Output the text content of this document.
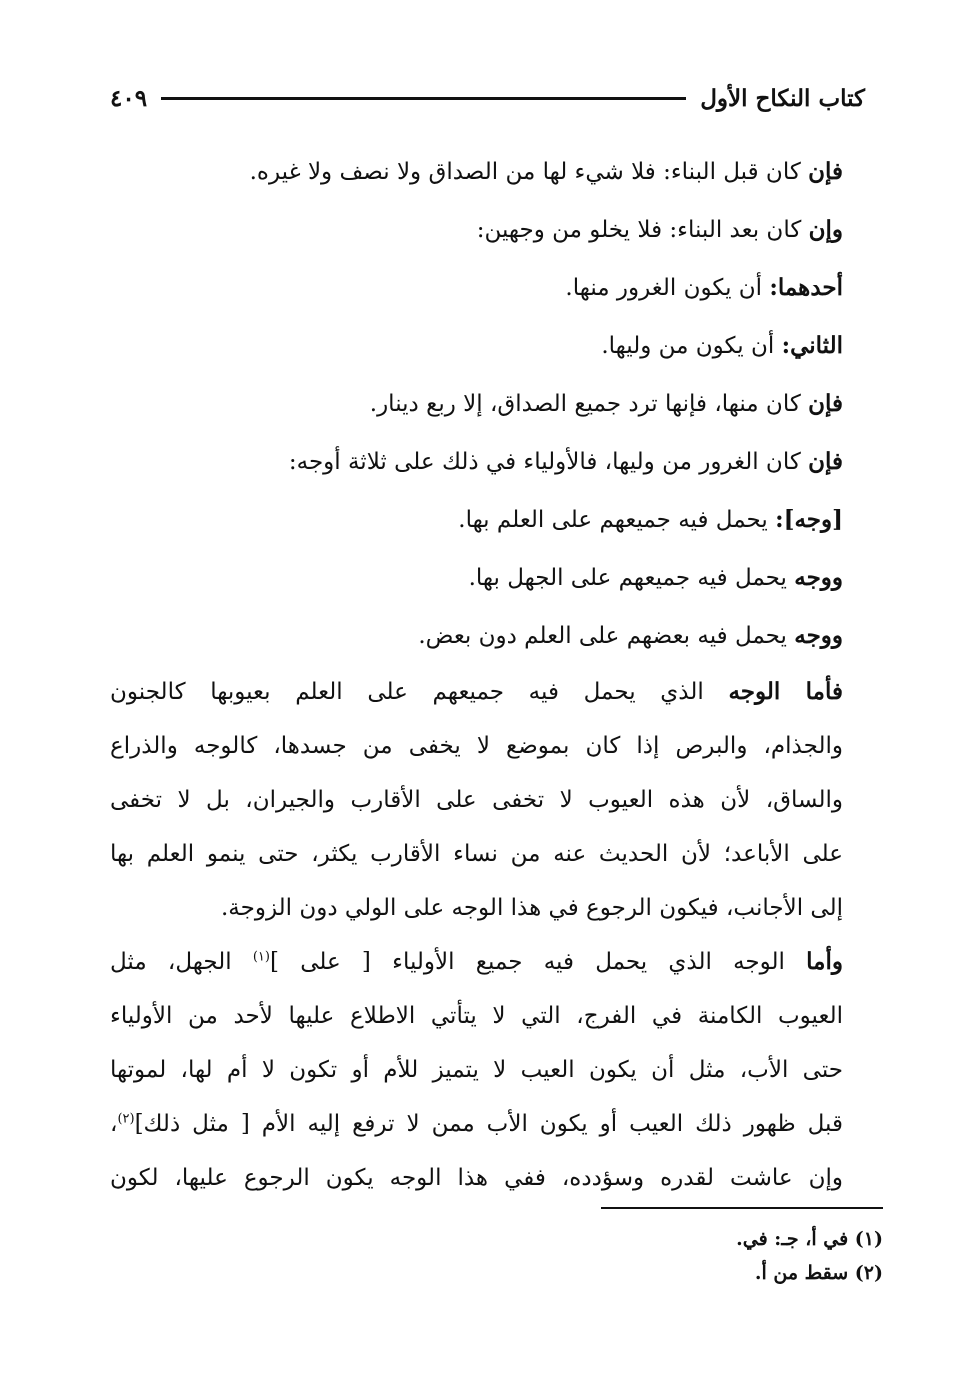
كتاب النكاح الأول
٤٠٩
فإن كان قبل البناء: فلا شيء لها من الصداق ولا نصف ولا غيره.
وإن كان بعد البناء: فلا يخلو من وجهين:
أحدهما: أن يكون الغرور منها.
الثاني: أن يكون من وليها.
فإن كان منها، فإنها ترد جميع الصداق، إلا ربع دينار.
فإن كان الغرور من وليها، فالأولياء في ذلك على ثلاثة أوجه:
[وجه]: يحمل فيه جميعهم على العلم بها.
ووجه يحمل فيه جميعهم على الجهل بها.
ووجه يحمل فيه بعضهم على العلم دون بعض.
فأما الوجه الذي يحمل فيه جميعهم على العلم بعيوبها كالجنون
والجذام، والبرص إذا كان بموضع لا يخفى من جسدها، كالوجه والذراع
والساق، لأن هذه العيوب لا تخفى على الأقارب والجيران، بل لا تخفى
على الأباعد؛ لأن الحديث عنه من نساء الأقارب يكثر، حتى ينمو العلم بها
إلى الأجانب، فيكون الرجوع في هذا الوجه على الولي دون الزوجة.
وأما الوجه الذي يحمل فيه جميع الأولياء [ على ]$^{(١)}$ الجهل، مثل
العيوب الكامنة في الفرج، التي لا يتأتي الاطلاع عليها لأحد من الأولياء
حتى الأب، مثل أن يكون العيب لا يتميز للأم أو تكون لا أم لها، لموتها
قبل ظهور ذلك العيب أو يكون الأب ممن لا ترفع إليه الأم [ مثل ذلك]$^{(٢)}$،
وإن عاشت لقدره وسؤدده، ففي هذا الوجه يكون الرجوع عليها، لكون
(١) في أ، جـ: في.
(٢) سقط من أ.
